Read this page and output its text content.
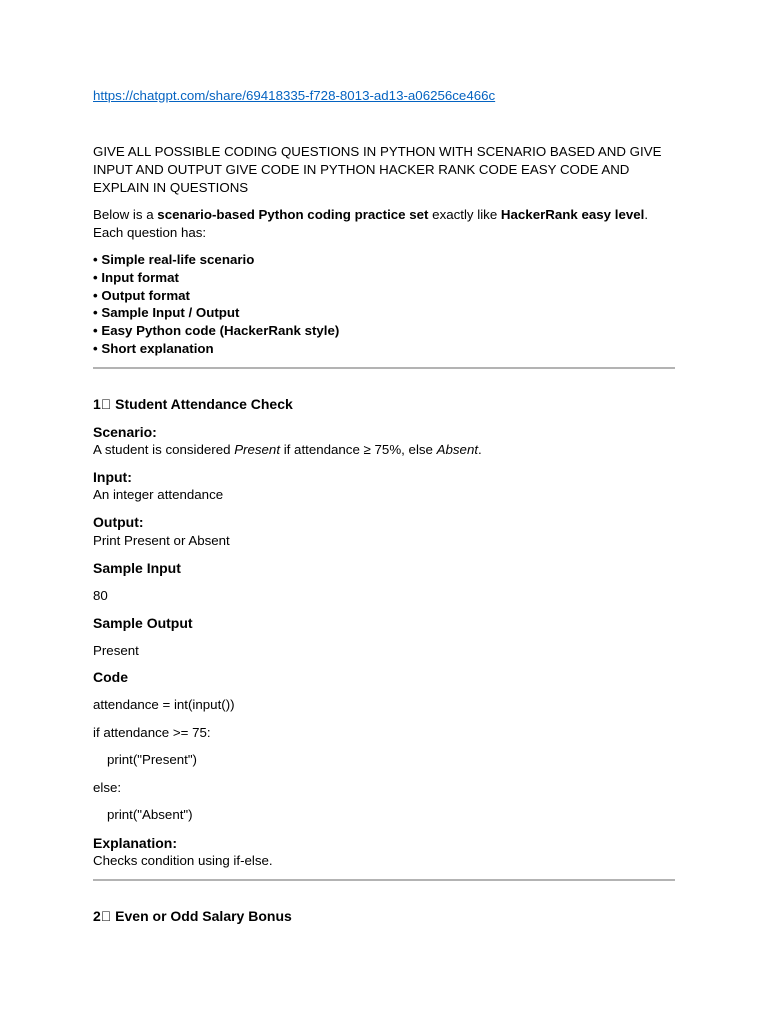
https://chatgpt.com/share/69418335-f728-8013-ad13-a06256ce466c
GIVE ALL POSSIBLE CODING QUESTIONS IN PYTHON WITH SCENARIO BASED AND GIVE INPUT AND OUTPUT GIVE CODE IN PYTHON HACKER RANK CODE EASY CODE AND EXPLAIN IN QUESTIONS
Below is a scenario-based Python coding practice set exactly like HackerRank easy level.
Each question has:
• Simple real-life scenario
• Input format
• Output format
• Sample Input / Output
• Easy Python code (HackerRank style)
• Short explanation
1⃣ Student Attendance Check
Scenario:
A student is considered Present if attendance ≥ 75%, else Absent.
Input:
An integer attendance
Output:
Print Present or Absent
Sample Input
80
Sample Output
Present
Code
attendance = int(input())
if attendance >= 75:
print("Present")
else:
print("Absent")
Explanation:
Checks condition using if-else.
2⃣ Even or Odd Salary Bonus
